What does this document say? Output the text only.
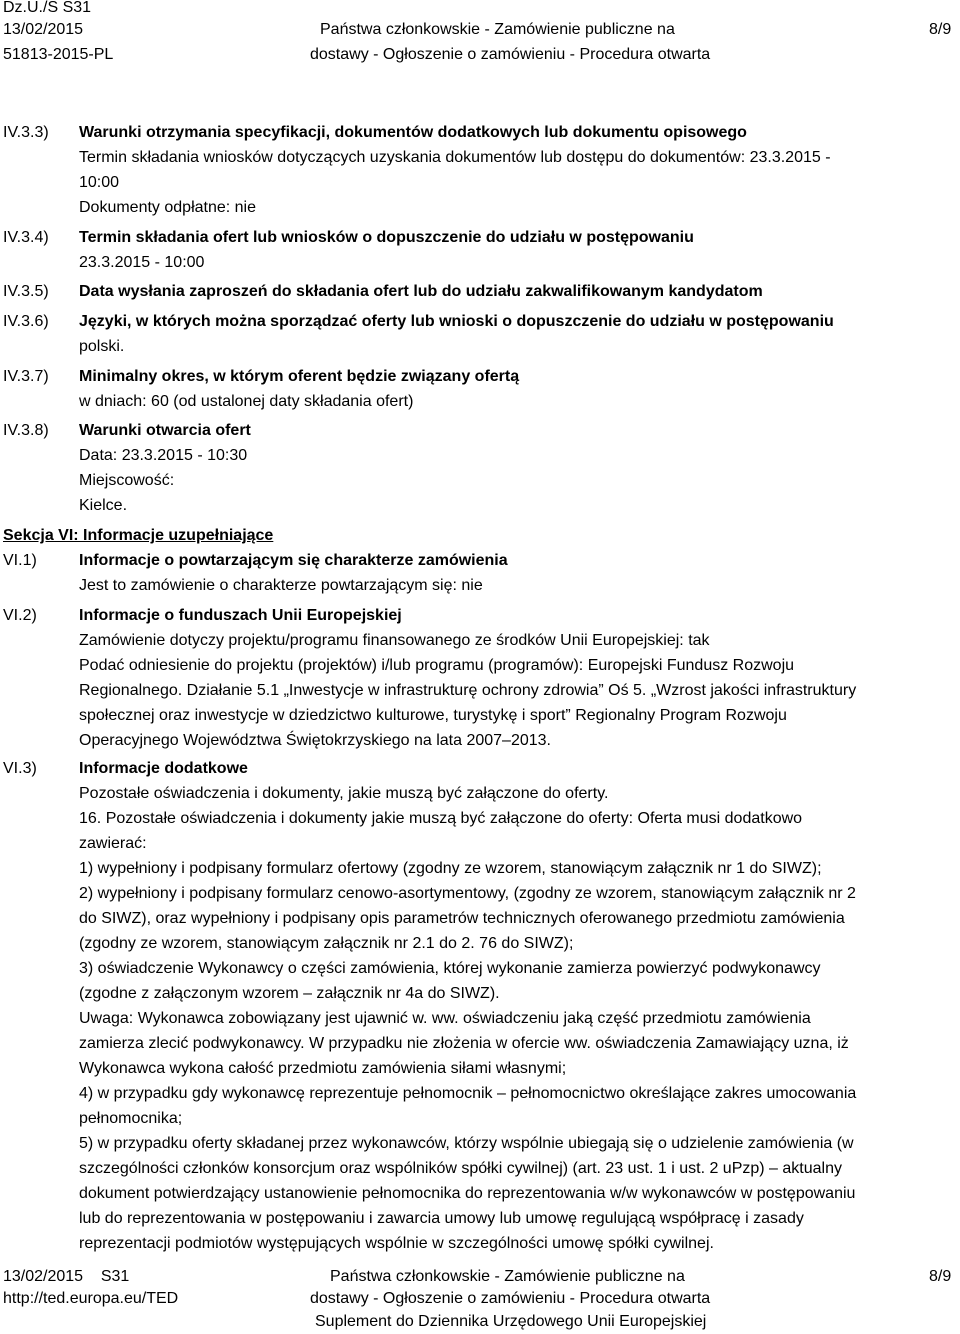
Dz.U./S S31
13/02/2015
51813-2015-PL
Państwa członkowskie - Zamówienie publiczne na
dostawy - Ogłoszenie o zamówieniu - Procedura otwarta
8/9
IV.3.3) Warunki otrzymania specyfikacji, dokumentów dodatkowych lub dokumentu opisowego
Termin składania wniosków dotyczących uzyskania dokumentów lub dostępu do dokumentów: 23.3.2015 -
10:00
Dokumenty odpłatne: nie
IV.3.4) Termin składania ofert lub wniosków o dopuszczenie do udziału w postępowaniu
23.3.2015 - 10:00
IV.3.5) Data wysłania zaproszeń do składania ofert lub do udziału zakwalifikowanym kandydatom
IV.3.6) Języki, w których można sporządzać oferty lub wnioski o dopuszczenie do udziału w postępowaniu
polski.
IV.3.7) Minimalny okres, w którym oferent będzie związany ofertą
w dniach: 60 (od ustalonej daty składania ofert)
IV.3.8) Warunki otwarcia ofert
Data: 23.3.2015 - 10:30
Miejscowość:
Kielce.
Sekcja VI: Informacje uzupełniające
VI.1)	Informacje o powtarzającym się charakterze zamówienia
Jest to zamówienie o charakterze powtarzającym się: nie
VI.2)	Informacje o funduszach Unii Europejskiej
Zamówienie dotyczy projektu/programu finansowanego ze środków Unii Europejskiej: tak
Podać odniesienie do projektu (projektów) i/lub programu (programów): Europejski Fundusz Rozwoju
Regionalnego. Działanie 5.1 „Inwestycje w infrastrukturę ochrony zdrowia” Oś 5. „Wzrost jakości infrastruktury
społecznej oraz inwestycje w dziedzictwo kulturowe, turystykę i sport” Regionalny Program Rozwoju
Operacyjnego Województwa Świętokrzyskiego na lata 2007–2013.
VI.3)	Informacje dodatkowe
Pozostałe oświadczenia i dokumenty, jakie muszą być załączone do oferty.
16. Pozostałe oświadczenia i dokumenty jakie muszą być załączone do oferty: Oferta musi dodatkowo
zawierać:
1) wypełniony i podpisany formularz ofertowy (zgodny ze wzorem, stanowiącym załącznik nr 1 do SIWZ);
2) wypełniony i podpisany formularz cenowo-asortymentowy, (zgodny ze wzorem, stanowiącym załącznik nr 2
do SIWZ), oraz wypełniony i podpisany opis parametrów technicznych oferowanego przedmiotu zamówienia
(zgodny ze wzorem, stanowiącym załącznik nr 2.1 do 2. 76 do SIWZ);
3) oświadczenie Wykonawcy o części zamówienia, której wykonanie zamierza powierzyć podwykonawcy
(zgodne z załączonym wzorem – załącznik nr 4a do SIWZ).
Uwaga: Wykonawca zobowiązany jest ujawnić w. ww. oświadczeniu jaką część przedmiotu zamówienia
zamierza zlecić podwykonawcy. W przypadku nie złożenia w ofercie ww. oświadczenia Zamawiający uzna, iż
Wykonawca wykona całość przedmiotu zamówienia siłami własnymi;
4) w przypadku gdy wykonawcę reprezentuje pełnomocnik – pełnomocnictwo określające zakres umocowania
pełnomocnika;
5) w przypadku oferty składanej przez wykonawców, którzy wspólnie ubiegają się o udzielenie zamówienia (w
szczególności członków konsorcjum oraz wspólników spółki cywilnej) (art. 23 ust. 1 i ust. 2 uPzp) – aktualny
dokument potwierdzający ustanowienie pełnomocnika do reprezentowania w/w wykonawców w postępowaniu
lub do reprezentowania w postępowaniu i zawarcia umowy lub umowę regulującą współpracę i zasady
reprezentacji podmiotów występujących wspólnie w szczególności umowę spółki cywilnej.
13/02/2015    S31
http://ted.europa.eu/TED
Państwa członkowskie - Zamówienie publiczne na
dostawy - Ogłoszenie o zamówieniu - Procedura otwarta
Suplement do Dziennika Urzędowego Unii Europejskiej
8/9
